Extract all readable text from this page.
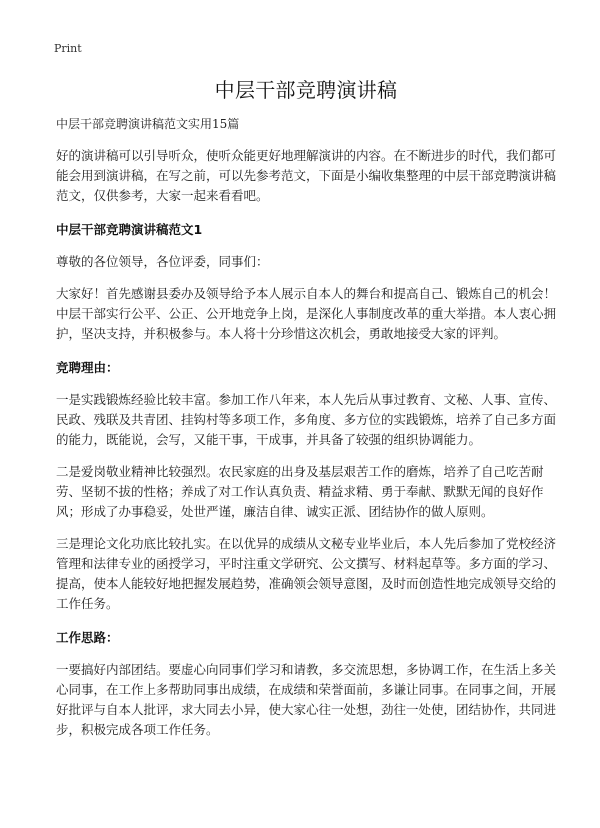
Print
中层干部竞聘演讲稿
中层干部竞聘演讲稿范文实用15篇

好的演讲稿可以引导听众，使听众能更好地理解演讲的内容。在不断进步的时代，我们都可能会用到演讲稿，在写之前，可以先参考范文，下面是小编收集整理的中层干部竞聘演讲稿范文，仅供参考，大家一起来看看吧。

中层干部竞聘演讲稿范文1

尊敬的各位领导，各位评委，同事们：

大家好！首先感谢县委办及领导给予本人展示自本人的舞台和提高自己、锻炼自己的机会！中层干部实行公平、公正、公开地竞争上岗，是深化人事制度改革的重大举措。本人衷心拥护，坚决支持，并积极参与。本人将十分珍惜这次机会，勇敢地接受大家的评判。

竞聘理由：

一是实践锻炼经验比较丰富。参加工作八年来，本人先后从事过教育、文秘、人事、宣传、民政、残联及共青团、挂钩村等多项工作，多角度、多方位的实践锻炼，培养了自己多方面的能力，既能说，会写，又能干事，干成事，并具备了较强的组织协调能力。

二是爱岗敬业精神比较强烈。农民家庭的出身及基层艰苦工作的磨炼，培养了自己吃苦耐劳、坚韧不拔的性格；养成了对工作认真负责、精益求精、勇于奉献、默默无闻的良好作风；形成了办事稳妥，处世严谨，廉洁自律、诚实正派、团结协作的做人原则。

三是理论文化功底比较扎实。在以优异的成绩从文秘专业毕业后，本人先后参加了党校经济管理和法律专业的函授学习，平时注重文学研究、公文撰写、材料起草等。多方面的学习、提高，使本人能较好地把握发展趋势，准确领会领导意图，及时而创造性地完成领导交给的工作任务。

工作思路：

一要搞好内部团结。要虚心向同事们学习和请教，多交流思想，多协调工作，在生活上多关心同事，在工作上多帮助同事出成绩，在成绩和荣誉面前，多谦让同事。在同事之间，开展好批评与自本人批评，求大同去小异，使大家心往一处想，劲往一处使，团结协作，共同进步，积极完成各项工作任务。
